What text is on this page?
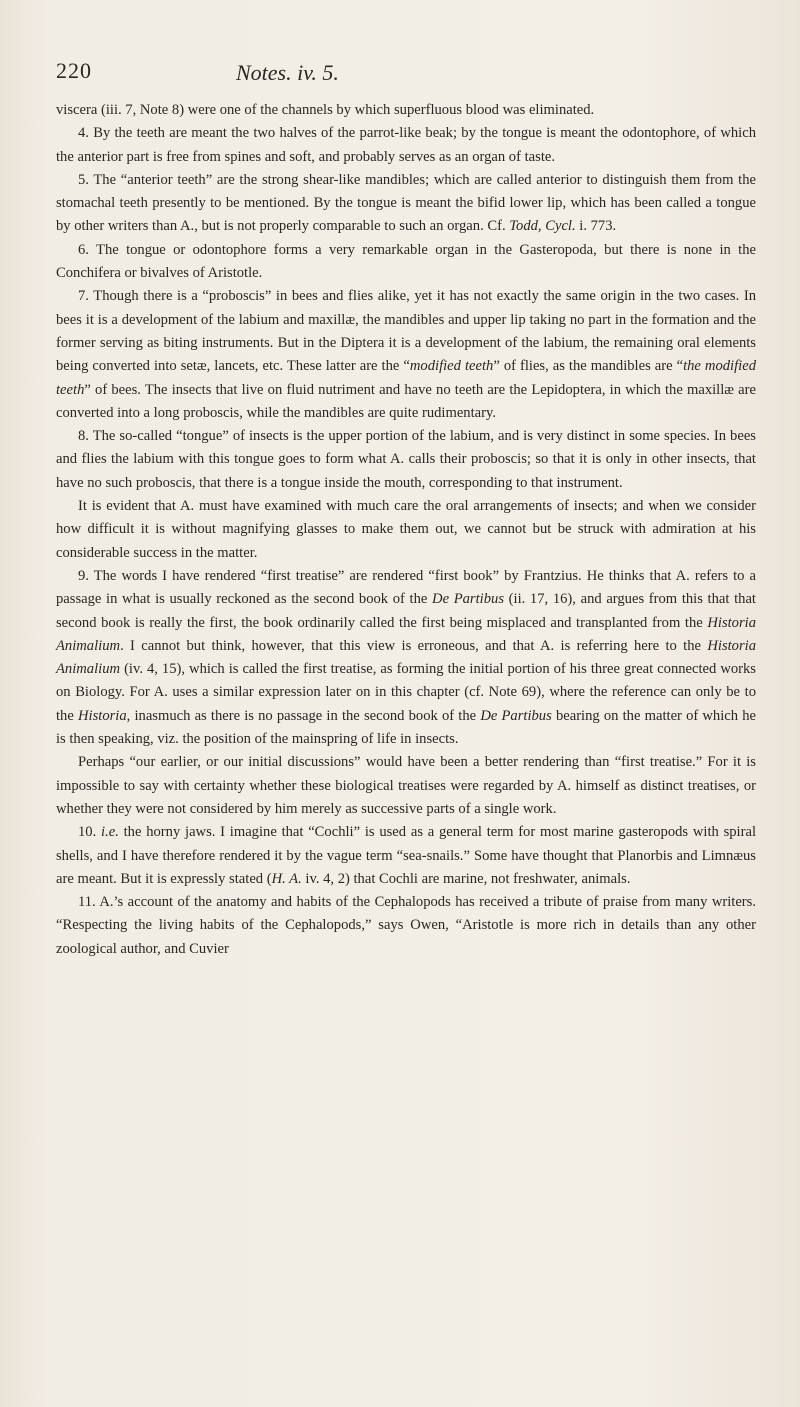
220	Notes. iv. 5.

viscera (iii. 7, Note 8) were one of the channels by which superfluous blood was eliminated.

4. By the teeth are meant the two halves of the parrot-like beak; by the tongue is meant the odontophore, of which the anterior part is free from spines and soft, and probably serves as an organ of taste.

5. The “anterior teeth” are the strong shear-like mandibles; which are called anterior to distinguish them from the stomachal teeth presently to be mentioned. By the tongue is meant the bifid lower lip, which has been called a tongue by other writers than A., but is not properly comparable to such an organ. Cf. Todd, Cycl. i. 773.

6. The tongue or odontophore forms a very remarkable organ in the Gasteropoda, but there is none in the Conchifera or bivalves of Aristotle.

7. Though there is a “proboscis” in bees and flies alike, yet it has not exactly the same origin in the two cases. In bees it is a development of the labium and maxillæ, the mandibles and upper lip taking no part in the formation and the former serving as biting instruments. But in the Diptera it is a development of the labium, the remaining oral elements being converted into setæ, lancets, etc. These latter are the “modified teeth” of flies, as the mandibles are “the modified teeth” of bees. The insects that live on fluid nutriment and have no teeth are the Lepidoptera, in which the maxillæ are converted into a long proboscis, while the mandibles are quite rudimentary.

8. The so-called “tongue” of insects is the upper portion of the labium, and is very distinct in some species. In bees and flies the labium with this tongue goes to form what A. calls their proboscis; so that it is only in other insects, that have no such proboscis, that there is a tongue inside the mouth, corresponding to that instrument.

It is evident that A. must have examined with much care the oral arrangements of insects; and when we consider how difficult it is without magnifying glasses to make them out, we cannot but be struck with admiration at his considerable success in the matter.

9. The words I have rendered “first treatise” are rendered “first book” by Frantzius. He thinks that A. refers to a passage in what is usually reckoned as the second book of the De Partibus (ii. 17, 16), and argues from this that that second book is really the first, the book ordinarily called the first being misplaced and transplanted from the Historia Animalium. I cannot but think, however, that this view is erroneous, and that A. is referring here to the Historia Animalium (iv. 4, 15), which is called the first treatise, as forming the initial portion of his three great connected works on Biology. For A. uses a similar expression later on in this chapter (cf. Note 69), where the reference can only be to the Historia, inasmuch as there is no passage in the second book of the De Partibus bearing on the matter of which he is then speaking, viz. the position of the mainspring of life in insects.

Perhaps “our earlier, or our initial discussions” would have been a better rendering than “first treatise.” For it is impossible to say with certainty whether these biological treatises were regarded by A. himself as distinct treatises, or whether they were not considered by him merely as successive parts of a single work.

10. i.e. the horny jaws. I imagine that “Cochli” is used as a general term for most marine gasteropods with spiral shells, and I have therefore rendered it by the vague term “sea-snails.” Some have thought that Planorbis and Limnæus are meant. But it is expressly stated (H. A. iv. 4, 2) that Cochli are marine, not freshwater, animals.

11. A.’s account of the anatomy and habits of the Cephalopods has received a tribute of praise from many writers. “Respecting the living habits of the Cephalopods,” says Owen, “Aristotle is more rich in details than any other zoological author, and Cuvier
